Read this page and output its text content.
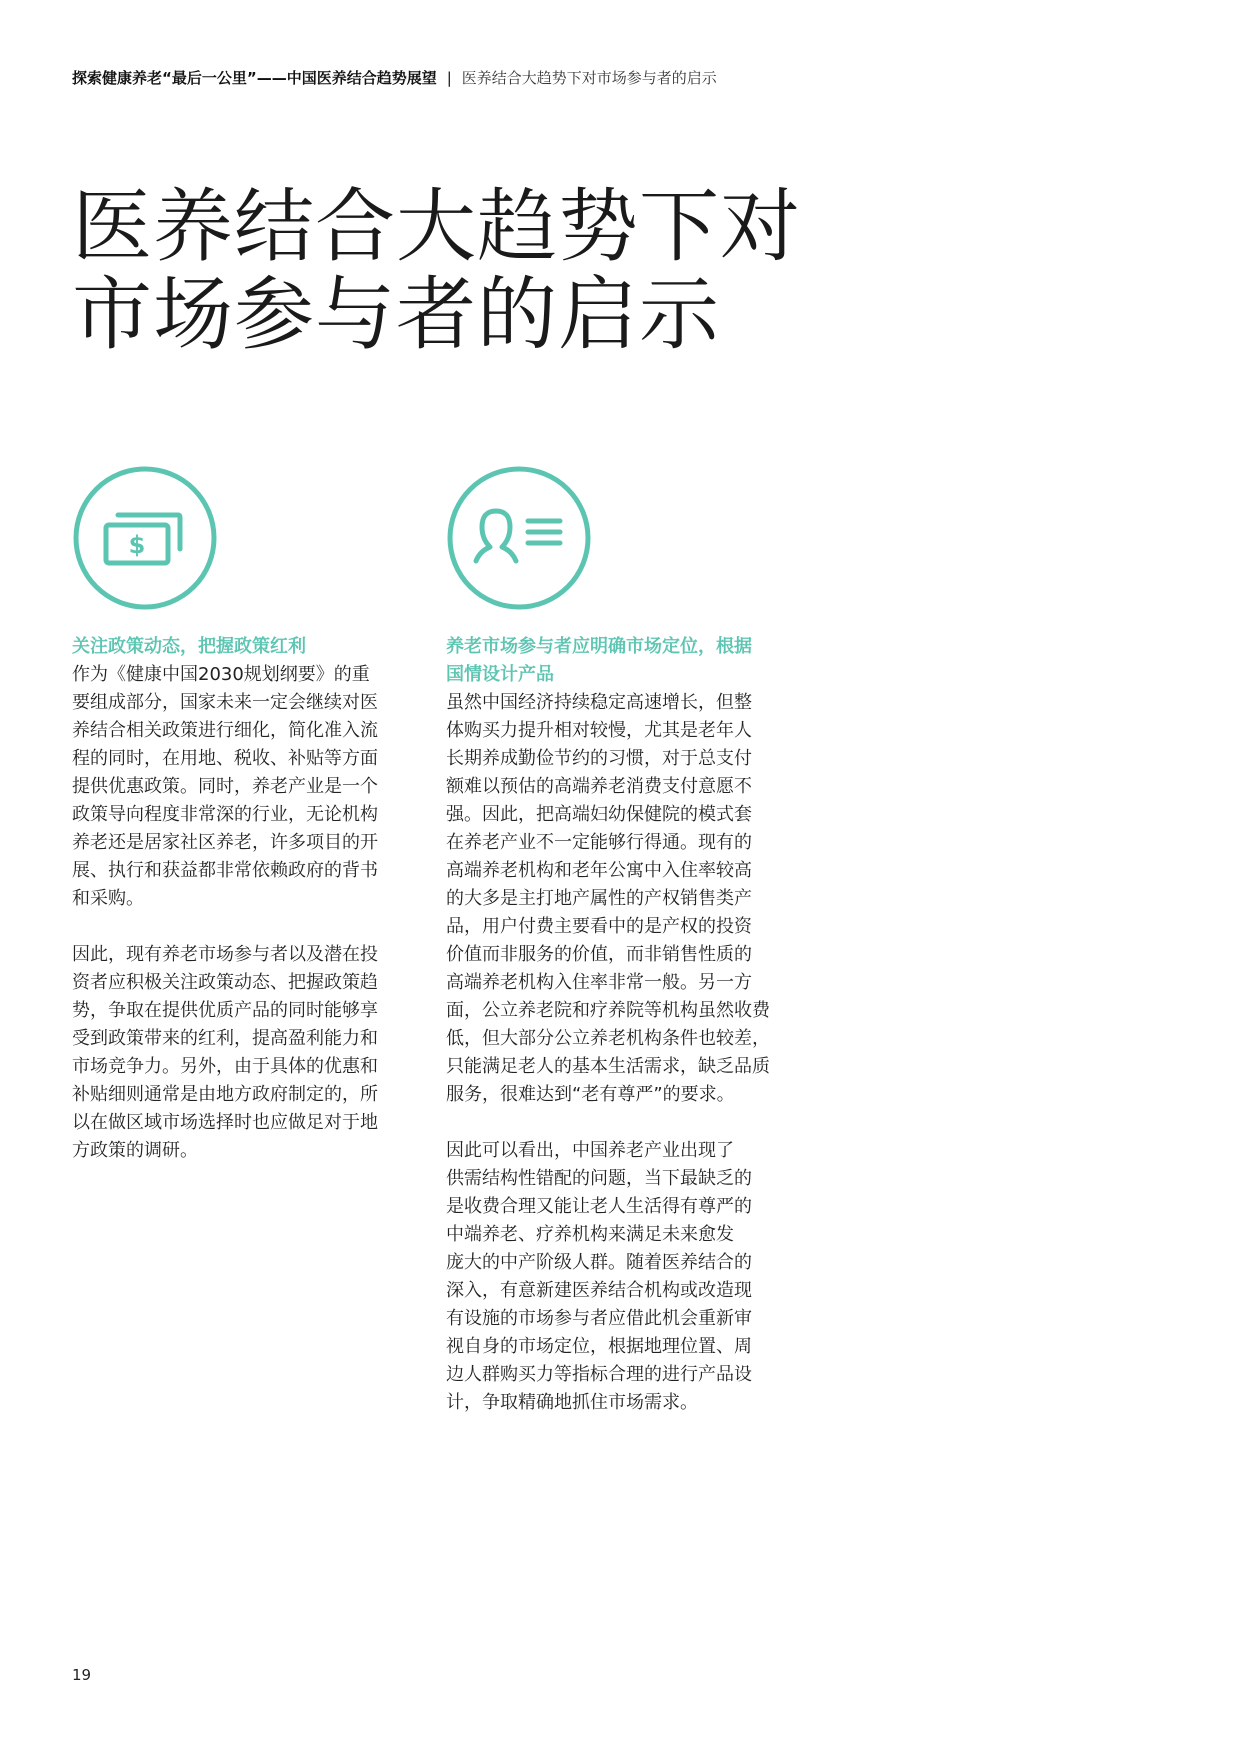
探索健康养老“最后一公里”——中国医养结合趋势展望 | 医养结合大趋势下对市场参与者的启示
医养结合大趋势下对
市场参与者的启示
$

关注政策动态，把握政策红利

作为《健康中国2030规划纲要》的重
要组成部分，国家未来一定会继续对医
养结合相关政策进行细化，简化准入流
程的同时，在用地、税收、补贴等方面
提供优惠政策。同时，养老产业是一个
政策导向程度非常深的行业，无论机构
养老还是居家社区养老，许多项目的开
展、执行和获益都非常依赖政府的背书
和采购。

因此，现有养老市场参与者以及潜在投
资者应积极关注政策动态、把握政策趋
势，争取在提供优质产品的同时能够享
受到政策带来的红利，提高盈利能力和
市场竞争力。另外，由于具体的优惠和
补贴细则通常是由地方政府制定的，所
以在做区域市场选择时也应做足对于地
方政策的调研。

养老市场参与者应明确市场定位，根据
国情设计产品

虽然中国经济持续稳定高速增长，但整
体购买力提升相对较慢，尤其是老年人
长期养成勤俭节约的习惯，对于总支付
额难以预估的高端养老消费支付意愿不
强。因此，把高端妇幼保健院的模式套
在养老产业不一定能够行得通。现有的
高端养老机构和老年公寓中入住率较高
的大多是主打地产属性的产权销售类产
品，用户付费主要看中的是产权的投资
价值而非服务的价值，而非销售性质的
高端养老机构入住率非常一般。另一方
面，公立养老院和疗养院等机构虽然收费
低，但大部分公立养老机构条件也较差，
只能满足老人的基本生活需求，缺乏品质
服务，很难达到“老有尊严”的要求。

因此可以看出，中国养老产业出现了
供需结构性错配的问题，当下最缺乏的
是收费合理又能让老人生活得有尊严的
中端养老、疗养机构来满足未来愈发
庞大的中产阶级人群。随着医养结合的
深入，有意新建医养结合机构或改造现
有设施的市场参与者应借此机会重新审
视自身的市场定位，根据地理位置、周
边人群购买力等指标合理的进行产品设
计，争取精确地抓住市场需求。

19
